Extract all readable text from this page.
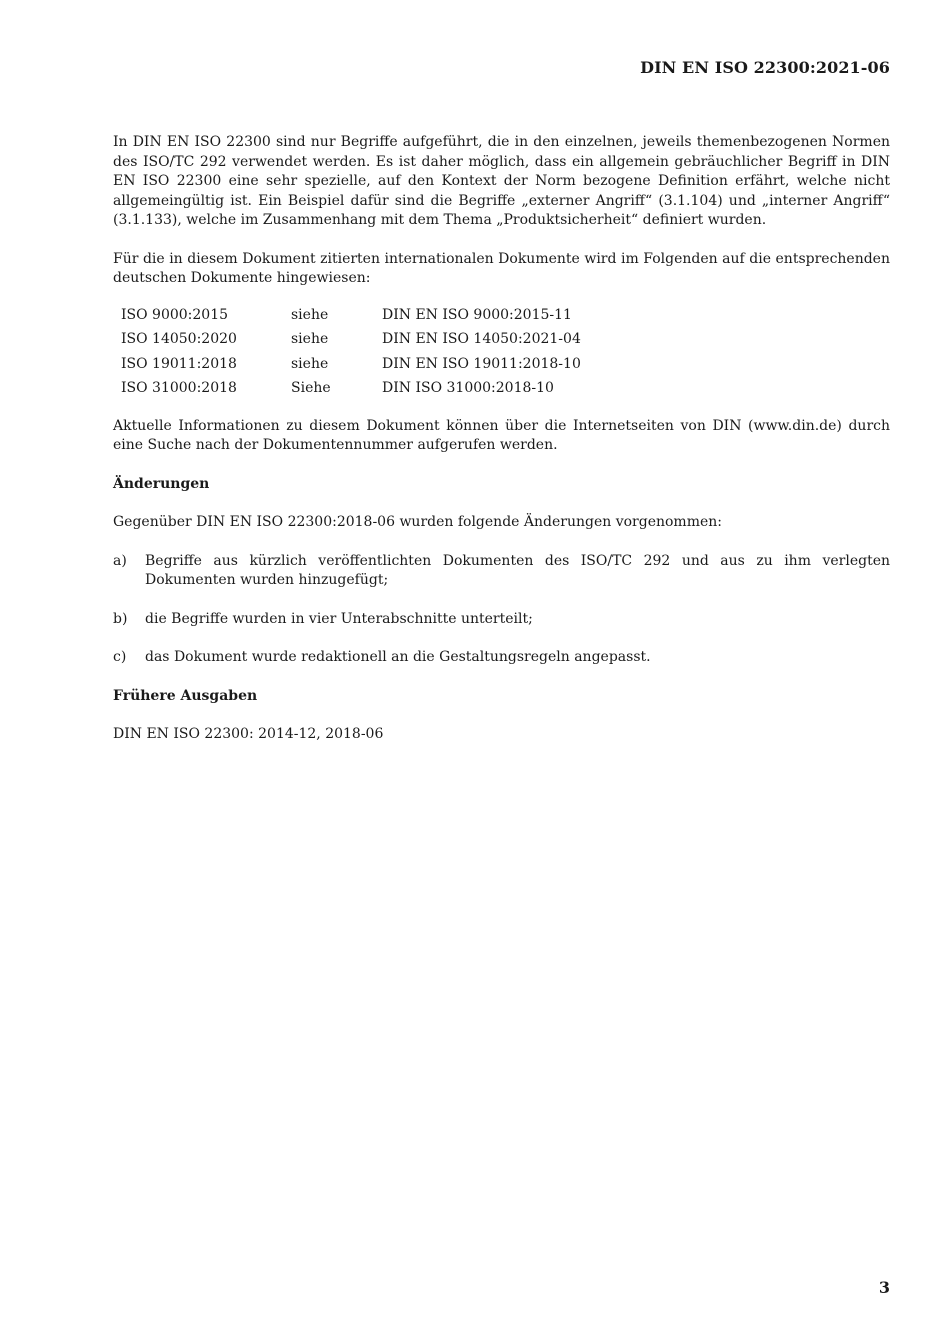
DIN EN ISO 22300:2021-06

In DIN EN ISO 22300 sind nur Begriffe aufgeführt, die in den einzelnen, jeweils themenbezogenen Normen des ISO/TC 292 verwendet werden. Es ist daher möglich, dass ein allgemein gebräuchlicher Begriff in DIN EN ISO 22300 eine sehr spezielle, auf den Kontext der Norm bezogene Definition erfährt, welche nicht allgemeingültig ist. Ein Beispiel dafür sind die Begriffe „externer Angriff“ (3.1.104) und „interner Angriff“ (3.1.133), welche im Zusammenhang mit dem Thema „Produktsicherheit“ definiert wurden.

Für die in diesem Dokument zitierten internationalen Dokumente wird im Folgenden auf die entsprechenden deutschen Dokumente hingewiesen:

ISO 9000:2015	siehe	DIN EN ISO 9000:2015-11
ISO 14050:2020	siehe	DIN EN ISO 14050:2021-04
ISO 19011:2018	siehe	DIN EN ISO 19011:2018-10
ISO 31000:2018	Siehe	DIN ISO 31000:2018-10

Aktuelle Informationen zu diesem Dokument können über die Internetseiten von DIN (www.din.de) durch eine Suche nach der Dokumentennummer aufgerufen werden.

Änderungen

Gegenüber DIN EN ISO 22300:2018-06 wurden folgende Änderungen vorgenommen:

a)	Begriffe aus kürzlich veröffentlichten Dokumenten des ISO/TC 292 und aus zu ihm verlegten Dokumenten wurden hinzugefügt;
b)	die Begriffe wurden in vier Unterabschnitte unterteilt;
c)	das Dokument wurde redaktionell an die Gestaltungsregeln angepasst.
Frühere Ausgaben

DIN EN ISO 22300: 2014-12, 2018-06

3
